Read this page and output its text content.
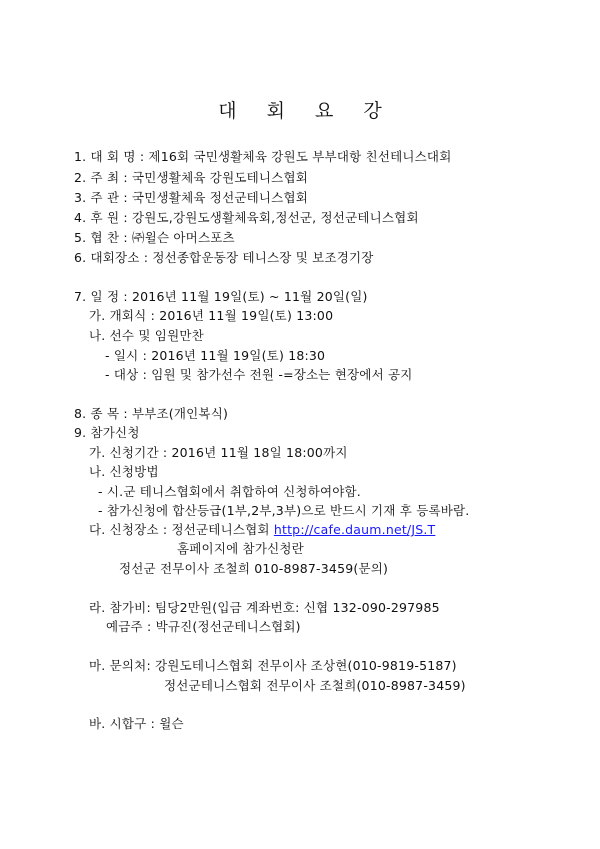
대 회 요 강
1. 대 회 명 : 제16회 국민생활체육 강원도 부부대항 친선테니스대회
2. 주 최 : 국민생활체육 강원도테니스협회
3. 주 관 : 국민생활체육 정선군테니스협회
4. 후 원 : 강원도,강원도생활체육회,정선군, 정선군테니스협회
5. 협 찬 : ㈜윌슨 아머스포츠
6. 대회장소 : 정선종합운동장 테니스장 및 보조경기장
7. 일 정 : 2016년 11월 19일(토) ~ 11월 20일(일)
가. 개회식 : 2016년 11월 19일(토) 13:00
나. 선수 및 임원만찬
- 일시 : 2016년 11월 19일(토) 18:30
- 대상 : 임원 및 참가선수 전원 -=장소는 현장에서 공지
8. 종 목 : 부부조(개인복식)
9. 참가신청
가. 신청기간 : 2016년 11월 18일 18:00까지
나. 신청방법
- 시.군 테니스협회에서 취합하여 신청하여야함.
- 참가신청에 합산등급(1부,2부,3부)으로 반드시 기재 후 등록바람.
다. 신청장소 : 정선군테니스협회 http://cafe.daum.net/JS.T
홈페이지에 참가신청란
정선군 전무이사 조철희 010-8987-3459(문의)
라. 참가비: 팀당2만원(입금 계좌번호: 신협 132-090-297985
예금주 : 박규진(정선군테니스협회)
마. 문의처: 강원도테니스협회 전무이사 조상현(010-9819-5187)
정선군테니스협회 전무이사 조철희(010-8987-3459)
바. 시합구 : 윌슨
